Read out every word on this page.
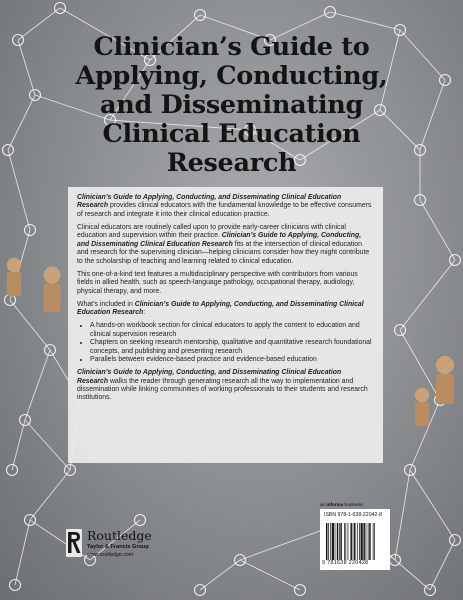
Clinician’s Guide to
Applying, Conducting,
and Disseminating
Clinical Education
Research

Clinician’s Guide to Applying, Conducting, and Disseminating Clinical Education Research provides clinical educators with the fundamental knowledge to be effective consumers of research and integrate it into their clinical education practice.

Clinical educators are routinely called upon to provide early-career clinicians with clinical education and supervision within their practice. Clinician’s Guide to Applying, Conducting, and Disseminating Clinical Education Research fits at the intersection of clinical education and research for the supervising clinician—helping clinicians consider how they might contribute to the scholarship of teaching and learning related to clinical education.

This one-of-a-kind text features a multidisciplinary perspective with contributors from various fields in allied health, such as speech-language pathology, occupational therapy, audiology, physical therapy, and more.

What’s included in Clinician’s Guide to Applying, Conducting, and Disseminating Clinical Education Research:

• A hands-on workbook section for clinical educators to apply the content to education and clinical supervision research
• Chapters on seeking research mentorship, qualitative and quantitative research foundational concepts, and publishing and presenting research
• Parallels between evidence-based practice and evidence-based education

Clinician’s Guide to Applying, Conducting, and Disseminating Clinical Education Research walks the reader through generating research all the way to implementation and dissemination while linking communities of working professionals to their students and research institutions.

Routledge
Taylor & Francis Group
www.routledge.com
an informa business
ISBN 978-1-638-22042-8
9 781638 220428
